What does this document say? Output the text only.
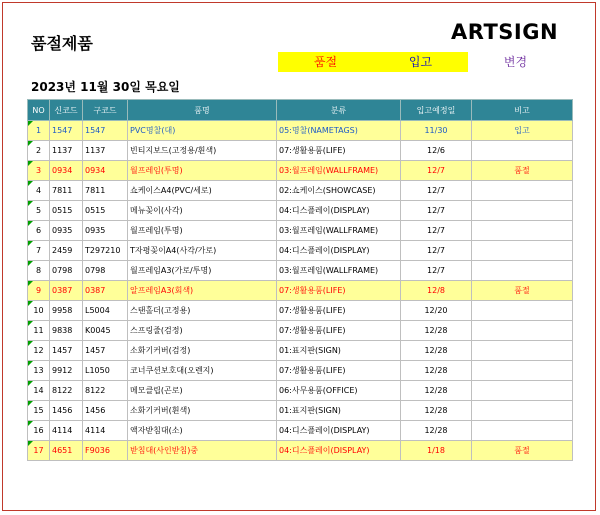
품절제품	ARTSIGN
품절	입고	변경
2023년 11월 30일 목요일
NO	신코드	구코드	품명	분류	입고예정일	비고
1	1547	1547	PVC명찰(대)	05:명찰(NAMETAGS)	11/30	입고
2	1137	1137	빈티지보드(고정용/흰색)	07:생활용품(LIFE)	12/6	
3	0934	0934	월프레임(투명)	03:월프레임(WALLFRAME)	12/7	품절
4	7811	7811	쇼케이스A4(PVC/세로)	02:쇼케이스(SHOWCASE)	12/7	
5	0515	0515	메뉴꽂이(사각)	04:디스플레이(DISPLAY)	12/7	
6	0935	0935	월프레임(투명)	03:월프레임(WALLFRAME)	12/7	
7	2459	T297210	T자평꽂이A4(사각/가로)	04:디스플레이(DISPLAY)	12/7	
8	0798	0798	월프레임A3(가로/투명)	03:월프레임(WALLFRAME)	12/7	
9	0387	0387	알프레임A3(회색)	07:생활용품(LIFE)	12/8	품절
10	9958	L5004	스탠홀더(고정용)	07:생활용품(LIFE)	12/20	
11	9838	K0045	스프링줄(검정)	07:생활용품(LIFE)	12/28	
12	1457	1457	소화기커버(검정)	01:표지판(SIGN)	12/28	
13	9912	L1050	코너쿠션보호대(오렌지)	07:생활용품(LIFE)	12/28	
14	8122	8122	메모클립(곤로)	06:사무용품(OFFICE)	12/28	
15	1456	1456	소화기커버(흰색)	01:표지판(SIGN)	12/28	
16	4114	4114	액자받침대(소)	04:디스플레이(DISPLAY)	12/28	
17	4651	F9036	받침대(사인받침)중	04:디스플레이(DISPLAY)	1/18	품절
